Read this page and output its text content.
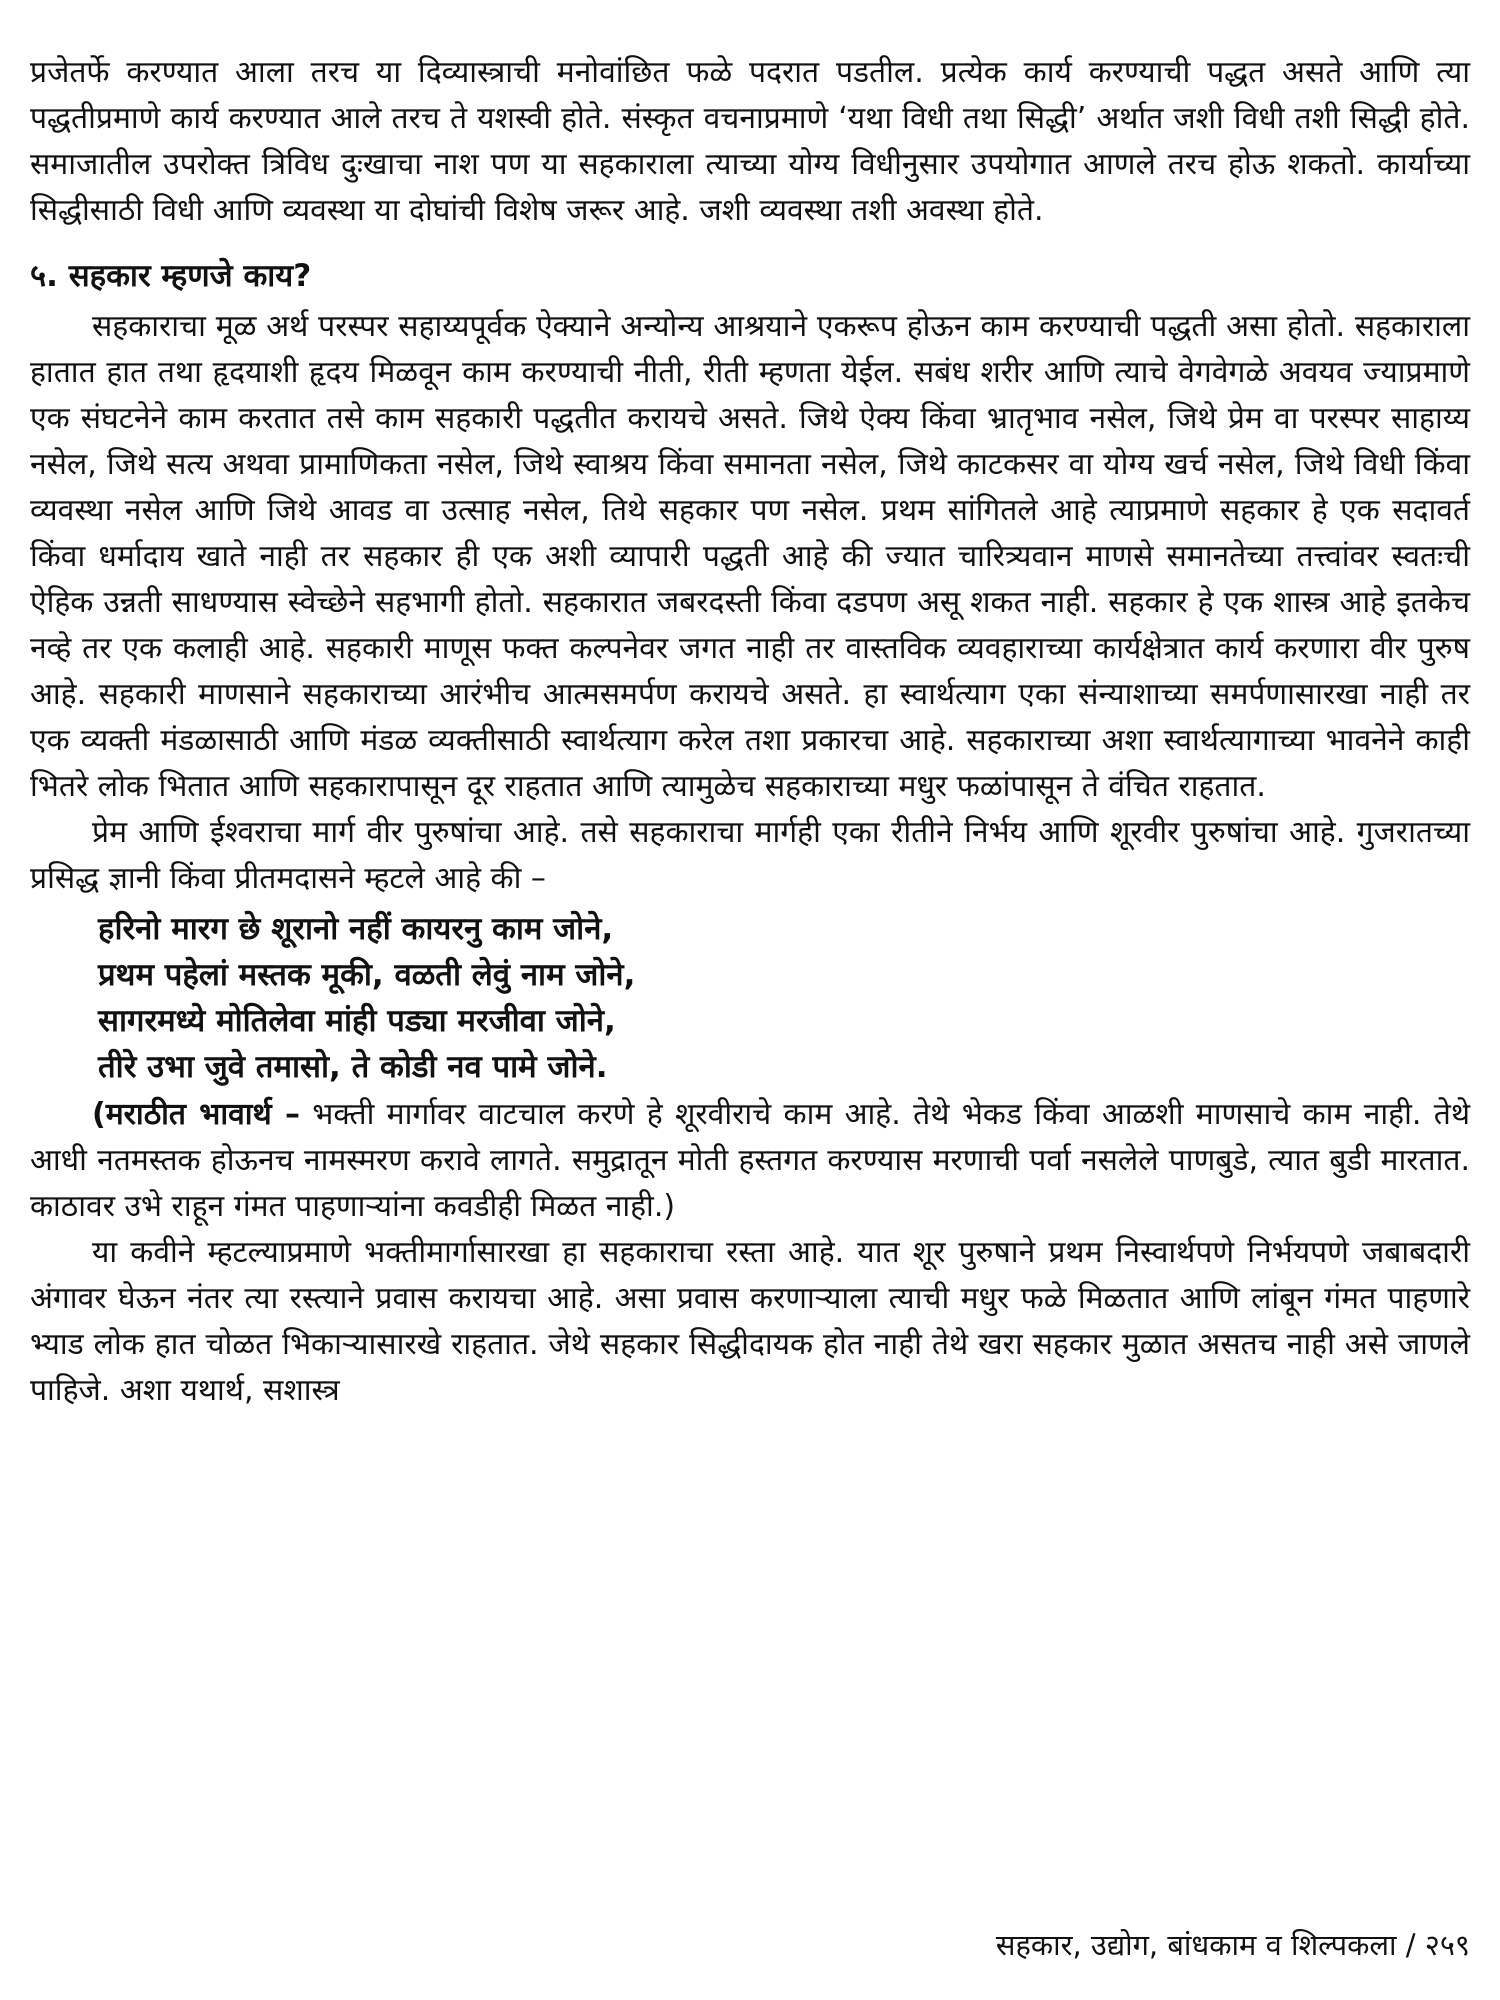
प्रजेतर्फे करण्यात आला तरच या दिव्यास्त्राची मनोवांछित फळे पदरात पडतील. प्रत्येक कार्य करण्याची पद्धत असते आणि त्या पद्धतीप्रमाणे कार्य करण्यात आले तरच ते यशस्वी होते. संस्कृत वचनाप्रमाणे ‘यथा विधी तथा सिद्धी’ अर्थात जशी विधी तशी सिद्धी होते. समाजातील उपरोक्त त्रिविध दुःखाचा नाश पण या सहकाराला त्याच्या योग्य विधीनुसार उपयोगात आणले तरच होऊ शकतो. कार्याच्या सिद्धीसाठी विधी आणि व्यवस्था या दोघांची विशेष जरूर आहे. जशी व्यवस्था तशी अवस्था होते.

५. सहकार म्हणजे काय?

सहकाराचा मूळ अर्थ परस्पर सहाय्यपूर्वक ऐक्याने अन्योन्य आश्रयाने एकरूप होऊन काम करण्याची पद्धती असा होतो. सहकाराला हातात हात तथा हृदयाशी हृदय मिळवून काम करण्याची नीती, रीती म्हणता येईल. सबंध शरीर आणि त्याचे वेगवेगळे अवयव ज्याप्रमाणे एक संघटनेने काम करतात तसे काम सहकारी पद्धतीत करायचे असते. जिथे ऐक्य किंवा भ्रातृभाव नसेल, जिथे प्रेम वा परस्पर साहाय्य नसेल, जिथे सत्य अथवा प्रामाणिकता नसेल, जिथे स्वाश्रय किंवा समानता नसेल, जिथे काटकसर वा योग्य खर्च नसेल, जिथे विधी किंवा व्यवस्था नसेल आणि जिथे आवड वा उत्साह नसेल, तिथे सहकार पण नसेल. प्रथम सांगितले आहे त्याप्रमाणे सहकार हे एक सदावर्त किंवा धर्मादाय खाते नाही तर सहकार ही एक अशी व्यापारी पद्धती आहे की ज्यात चारित्र्यवान माणसे समानतेच्या तत्त्वांवर स्वतःची ऐहिक उन्नती साधण्यास स्वेच्छेने सहभागी होतो. सहकारात जबरदस्ती किंवा दडपण असू शकत नाही. सहकार हे एक शास्त्र आहे इतकेच नव्हे तर एक कलाही आहे. सहकारी माणूस फक्त कल्पनेवर जगत नाही तर वास्तविक व्यवहाराच्या कार्यक्षेत्रात कार्य करणारा वीर पुरुष आहे. सहकारी माणसाने सहकाराच्या आरंभीच आत्मसमर्पण करायचे असते. हा स्वार्थत्याग एका संन्याशाच्या समर्पणासारखा नाही तर एक व्यक्ती मंडळासाठी आणि मंडळ व्यक्तीसाठी स्वार्थत्याग करेल तशा प्रकारचा आहे. सहकाराच्या अशा स्वार्थत्यागाच्या भावनेने काही भितरे लोक भितात आणि सहकारापासून दूर राहतात आणि त्यामुळेच सहकाराच्या मधुर फळांपासून ते वंचित राहतात.

प्रेम आणि ईश्वराचा मार्ग वीर पुरुषांचा आहे. तसे सहकाराचा मार्गही एका रीतीने निर्भय आणि शूरवीर पुरुषांचा आहे. गुजरातच्या प्रसिद्ध ज्ञानी किंवा प्रीतमदासने म्हटले आहे की –

हरिनो मारग छे शूरानो नहीं कायरनु काम जोने,

प्रथम पहेलां मस्तक मूकी, वळती लेवुं नाम जोने,

सागरमध्ये मोतिलेवा मांही पड्या मरजीवा जोने,

तीरे उभा जुवे तमासो, ते कोडी नव पामे जोने.

(मराठीत भावार्थ – भक्ती मार्गावर वाटचाल करणे हे शूरवीराचे काम आहे. तेथे भेकड किंवा आळशी माणसाचे काम नाही. तेथे आधी नतमस्तक होऊनच नामस्मरण करावे लागते. समुद्रातून मोती हस्तगत करण्यास मरणाची पर्वा नसलेले पाणबुडे, त्यात बुडी मारतात. काठावर उभे राहून गंमत पाहणाऱ्यांना कवडीही मिळत नाही.)

या कवीने म्हटल्याप्रमाणे भक्तीमार्गासारखा हा सहकाराचा रस्ता आहे. यात शूर पुरुषाने प्रथम निस्वार्थपणे निर्भयपणे जबाबदारी अंगावर घेऊन नंतर त्या रस्त्याने प्रवास करायचा आहे. असा प्रवास करणाऱ्याला त्याची मधुर फळे मिळतात आणि लांबून गंमत पाहणारे भ्याड लोक हात चोळत भिकाऱ्यासारखे राहतात. जेथे सहकार सिद्धीदायक होत नाही तेथे खरा सहकार मुळात असतच नाही असे जाणले पाहिजे. अशा यथार्थ, सशास्त्र

सहकार, उद्योग, बांधकाम व शिल्पकला / २५९
